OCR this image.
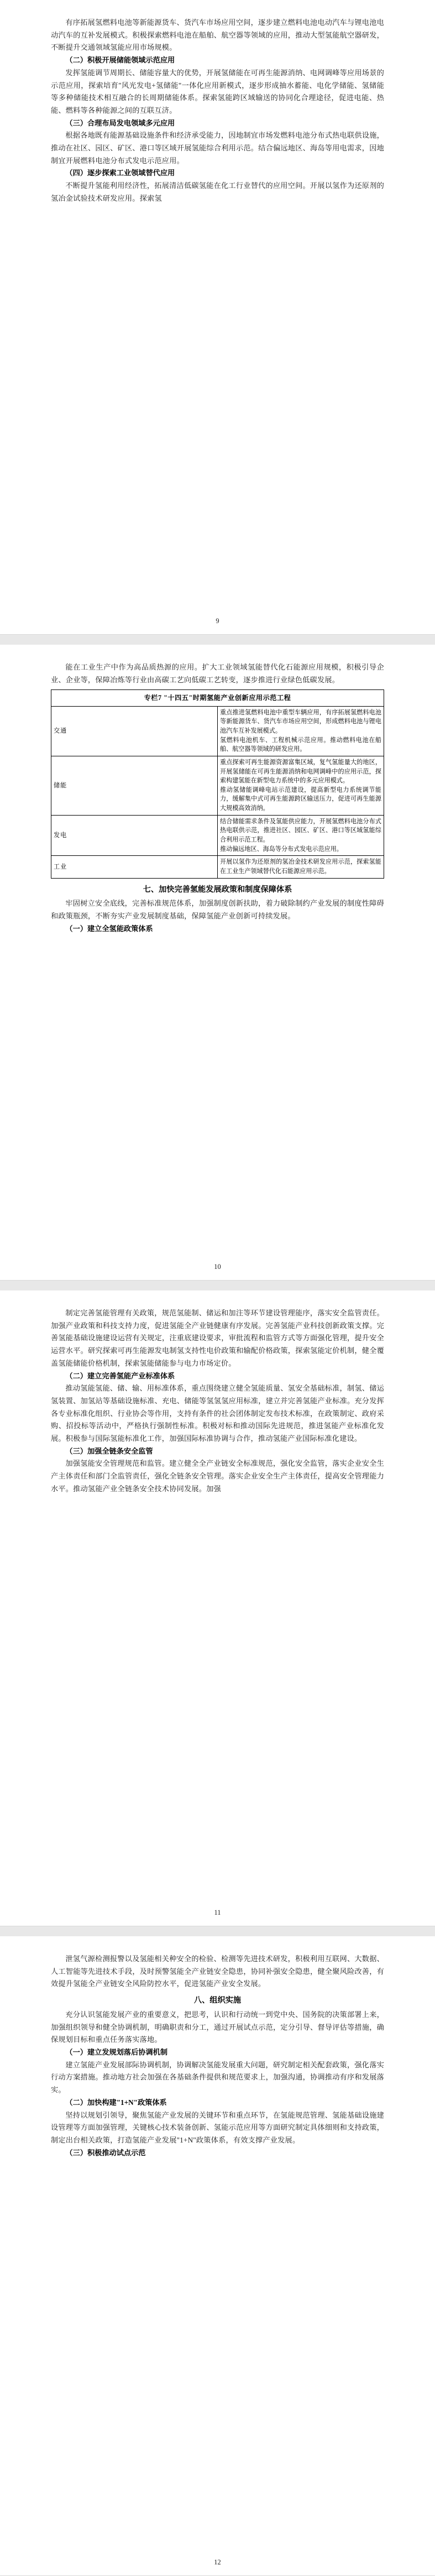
有序拓展氢燃料电池等新能源货车、货汽车市场应用空间，逐步建立燃料电池电动汽车与锂电池电动汽车的互补发展模式。积极探索燃料电池在船舶、航空器等领域的应用，推动大型氢能航空器研发，不断提升交通领域氢能应用市场规模。

（二）积极开展储能领域示范应用

发挥氢能调节周期长、储能容量大的优势，开展氢储能在可再生能源消纳、电网调峰等应用场景的示范应用，探索培育"风光发电+氢储能"一体化应用新模式，逐步形成抽水蓄能、电化学储能、氢储能等多种储能技术相互融合的长周期储能体系。探索氢能跨区域输送的协同化合理途径，促进电能、热能、燃料等各种能源之间的互联互济。

（三）合理布局发电领域多元应用

根据各地既有能源基础设施条件和经济承受能力，因地制宜市场发燃料电池分布式热电联供设施，推动在社区、园区、矿区、港口等区域开展氢能综合利用示范。结合偏远地区、海岛等用电需求，因地制宜开展燃料电池分布式发电示范应用。

（四）逐步探索工业领域替代应用

不断提升氢能利用经济性，拓展清洁低碳氢能在化工行业替代的应用空间。开展以氢作为还原剂的氢冶金试验技术研发应用。探索氢

9

能在工业生产中作为高品质热源的应用。扩大工业领域氢能替代化石能源应用规模，积极引导企业、企业等，保障冶炼等行业由高碳工艺向低碳工艺转变，逐步推进行业绿色低碳发展。

专栏7 "十四五"时期氢能产业创新应用示范工程	
交通	重点推进氢燃料电池中重型车辆应用，有序拓展氢燃料电池等新能源货车、货汽车市场应用空间，形成燃料电池与锂电池汽车互补发展模式。
氢燃料电池机车、工程机械示范应用。推动燃料电池在船舶、航空器等领域的研发应用。

储能	重点探索可再生能源资源富集区域，复气氢能量大的地区，开展氢储能在可再生能源消纳和电网调峰中的应用示范，探索构建氢能在新型电力系统中的多元应用模式。
推动氢储能调峰电站示范建设，提高新型电力系统调节能力，缓解集中式可再生能源跨区输送压力，促进可再生能源大规模高效消纳。

发电	结合储能需求条件及氢能供应能力，开展氢燃料电池分布式热电联供示范，推进社区、园区、矿区、港口等区域氢能综合利用示范工程。
推动偏远地区、海岛等分布式发电示范应用。

工业	开展以氢作为还原剂的氢冶金技术研发应用示范，探索氢能在工业生产领域替代化石能源应用示范。
七、加快完善氢能发展政策和制度保障体系

牢固树立安全底线，完善标准规范体系，加强制度创新扶助，着力破除制约产业发展的制度性障碍和政策瓶颈，不断夯实产业发展制度基础，保障氢能产业创新可持续发展。

（一）建立全氢能政策体系
10

制定完善氢能管理有关政策，规范氢能制、储运和加注等环节建设管理能序，落实安全监管责任。加强产业政策和科技支持力度，促进氢能全产业链健康有序发展。完善氢能产业科技创新政策支撑。完善氢能基础设施建设运营有关规定，注重底建设要求，审批流程和监管方式等方面强化管理，提升安全运营水平。研究探索可再生能源发电制氢支持性电价政策和输配价格政策，探索氢能定价机制，健全覆盖氢能储能价格机制，探索氢能储能参与电力市场定价。

（二）建立完善氢能产业标准体系

推动氢能氢能、储、输、用标准体系，重点围绕建立健全氢能质量、氢安全基础标准，制氢、储运氢装置、加氢站等基础设施标准、充电、储能等氢氢氢应用标准，建立并完善氢能产业标准。充分发挥各专业标准化组织、行业协会等作用，支持有条件的社会团体制定发布技术标准，在政策制定、政府采购、招投标等活动中，严格执行强制性标准。积极对标和推动国际先进规范，推进氢能产业标准化发展。积极参与国际氢能标准化工作，加强国际标准协调与合作，推动氢能产业国际标准化建设。

（三）加强全链条安全监管

加强氢能安全管理规范和监管。建立健全全产业链安全标准规范，强化安全监管，落实企业安全生产主体责任和部门全监管责任，强化全链条安全管理。落实企业安全生产主体责任，提高安全管理能力水平。推动氢能产业全链条安全技术协同发展。加强

11

泄氢气源检测报警以及氢能相关种安全的检验、检测等先进技术研发，积极利用互联网、大数据、人工智能等先进技术手段，及时预警氢能全产业链安全隐患，协同补强安全隐患，健全聚风险改善，有效提升氢能全产业链安全风险防控水平，促进氢能产业安全发展。

八、组织实施

充分认识氢能发展产业的重要意义，把思考，认识和行动统一到党中央、国务院的决策部署上来，加强组织领导和健全协调机制，明确职责和分工，通过开展试点示范，定分引导、督导评估等措施，确保规划目标和重点任务落实落地。

（一）建立发规划落后协调机制

建立氢能产业发展部际协调机制，协调解决氢能发展重大问题，研究制定相关配套政策，强化落实行动方案措施。推动地方社会加强在各基础条件提供和规范要求上，加强沟通，协调推动有序和发展落实。

（二）加快构建"1+N"政策体系

坚持以规划引领导，聚焦氢能产业发展的关键环节和重点环节，在氢能规范管理、氢能基础设施建设管理等方面加强管理，关键核心技术装备创新、氢能示范应用等方面研究制定具体细则和支持政策，制定出台相关政策，打造氢能产业发展"1+N"政策体系，有效支撑产业发展。

（三）积极推动试点示范
12
